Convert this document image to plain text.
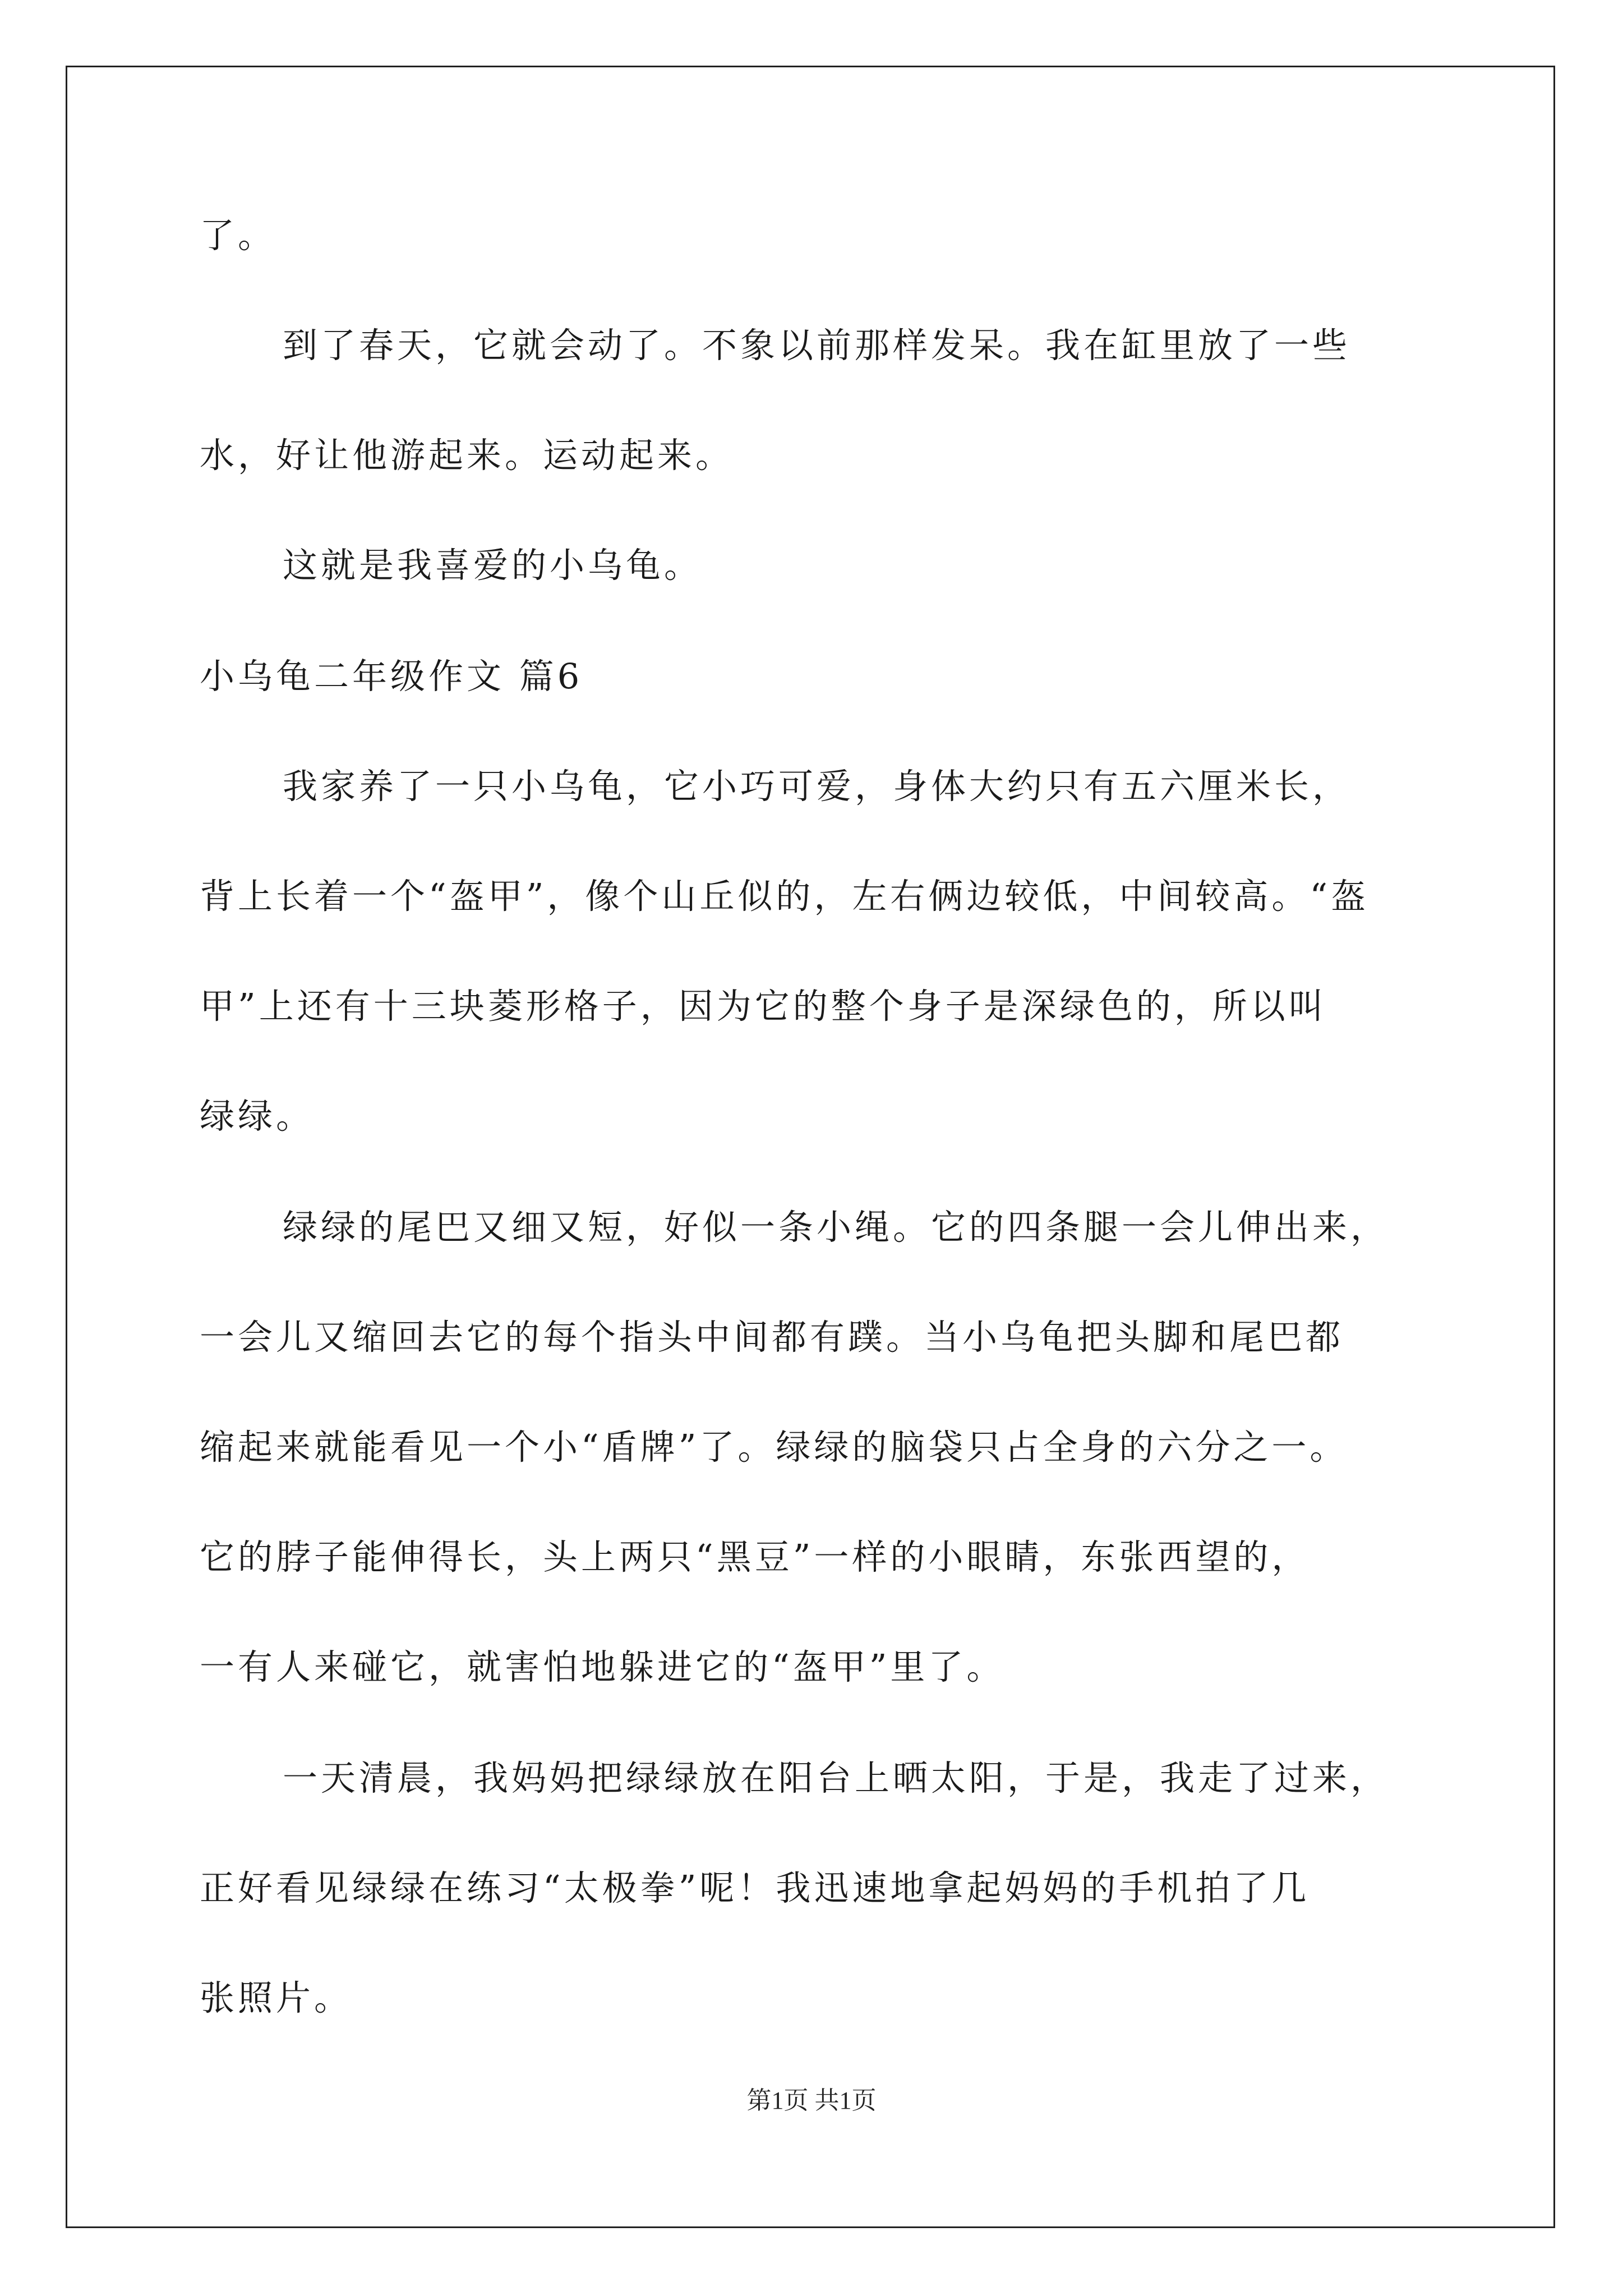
了。
到了春天，它就会动了。不象以前那样发呆。我在缸里放了一些
水，好让他游起来。运动起来。
这就是我喜爱的小乌龟。
小乌龟二年级作文 篇6
我家养了一只小乌龟，它小巧可爱，身体大约只有五六厘米长，
背上长着一个“盔甲”，像个山丘似的，左右俩边较低，中间较高。“盔
甲”上还有十三块菱形格子，因为它的整个身子是深绿色的，所以叫
绿绿。
绿绿的尾巴又细又短，好似一条小绳。它的四条腿一会儿伸出来，
一会儿又缩回去它的每个指头中间都有蹼。当小乌龟把头脚和尾巴都
缩起来就能看见一个小“盾牌”了。绿绿的脑袋只占全身的六分之一。
它的脖子能伸得长，头上两只“黑豆”一样的小眼睛，东张西望的，
一有人来碰它，就害怕地躲进它的“盔甲”里了。
一天清晨，我妈妈把绿绿放在阳台上晒太阳，于是，我走了过来，
正好看见绿绿在练习“太极拳”呢！我迅速地拿起妈妈的手机拍了几
张照片。
第1页 共1页
